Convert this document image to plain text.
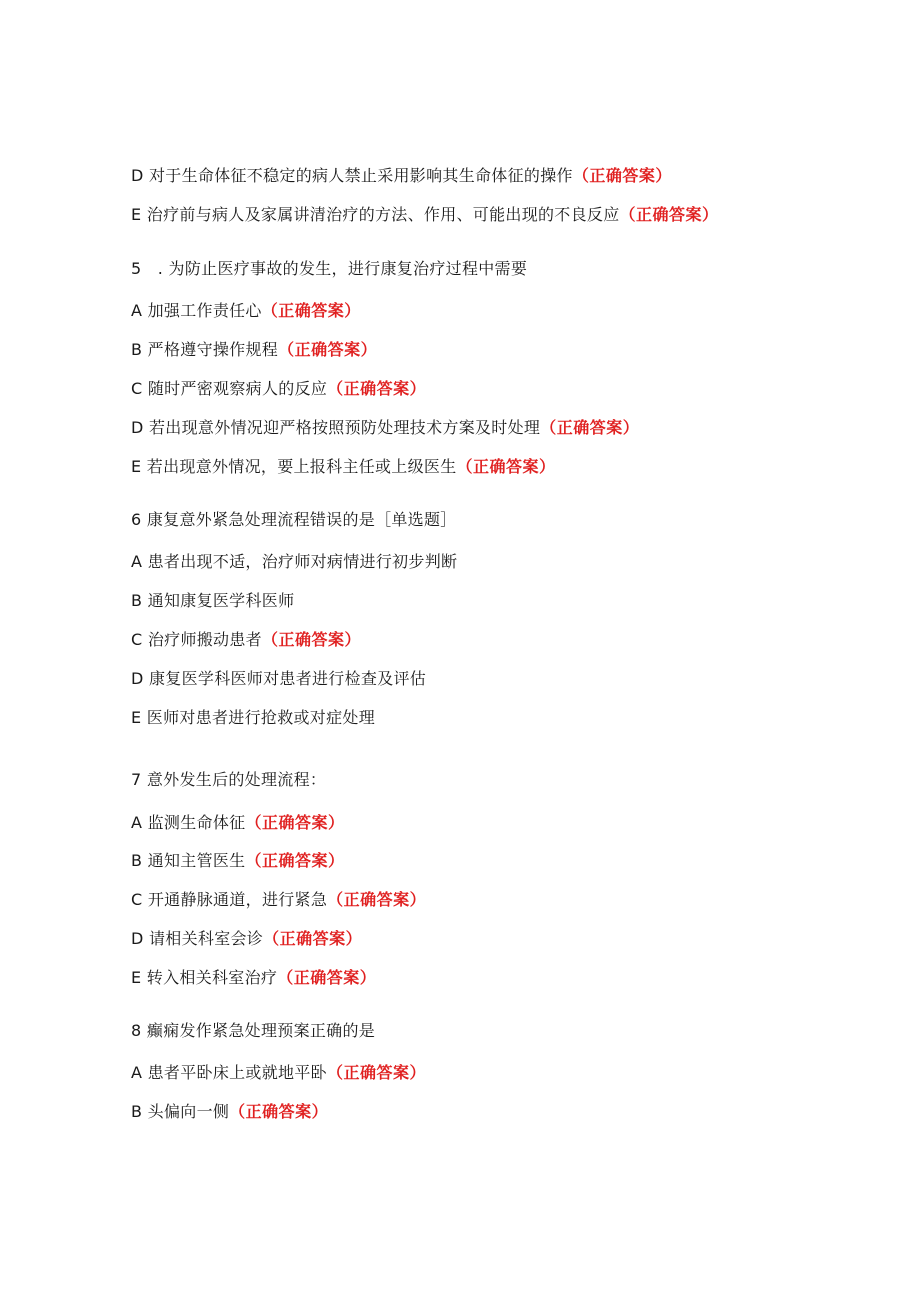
D 对于生命体征不稳定的病人禁止采用影响其生命体征的操作（正确答案）
E 治疗前与病人及家属讲清治疗的方法、作用、可能出现的不良反应（正确答案）
5　. 为防止医疗事故的发生，进行康复治疗过程中需要
A 加强工作责任心（正确答案）
B 严格遵守操作规程（正确答案）
C 随时严密观察病人的反应（正确答案）
D 若出现意外情况迎严格按照预防处理技术方案及时处理（正确答案）
E 若出现意外情况，要上报科主任或上级医生（正确答案）
6 康复意外紧急处理流程错误的是［单选题］
A 患者出现不适，治疗师对病情进行初步判断
B 通知康复医学科医师
C 治疗师搬动患者（正确答案）
D 康复医学科医师对患者进行检查及评估
E 医师对患者进行抢救或对症处理
7 意外发生后的处理流程：
A 监测生命体征（正确答案）
B 通知主管医生（正确答案）
C 开通静脉通道，进行紧急（正确答案）
D 请相关科室会诊（正确答案）
E 转入相关科室治疗（正确答案）
8 癫痫发作紧急处理预案正确的是
A 患者平卧床上或就地平卧（正确答案）
B 头偏向一侧（正确答案）
